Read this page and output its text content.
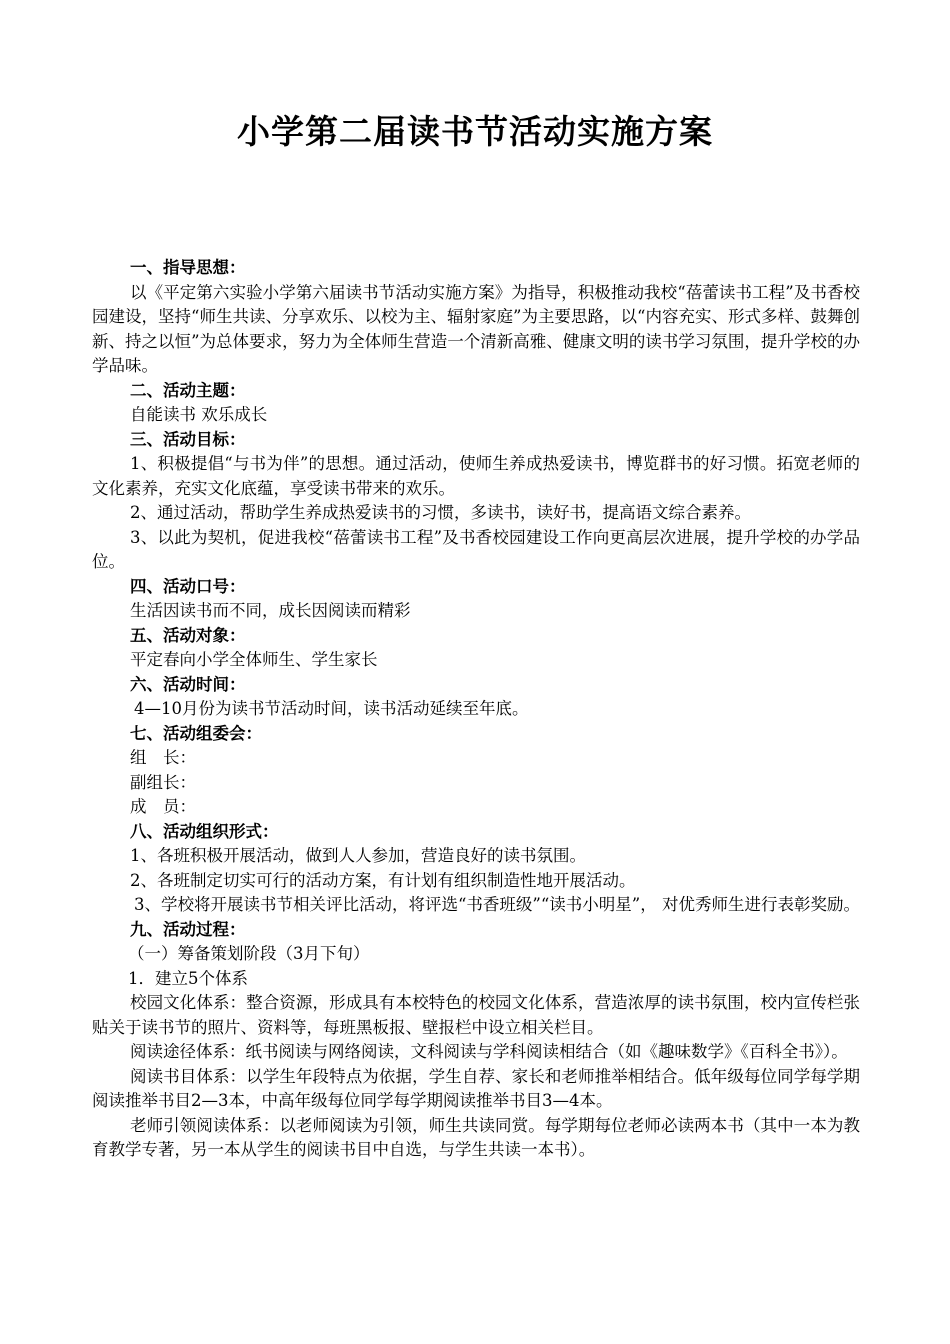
小学第二届读书节活动实施方案

一、指导思想：

以《平定第六实验小学第六届读书节活动实施方案》为指导，积极推动我校“蓓蕾读书工程”及书香校园建设，坚持“师生共读、分享欢乐、以校为主、辐射家庭”为主要思路，以“内容充实、形式多样、鼓舞创新、持之以恒”为总体要求，努力为全体师生营造一个清新高雅、健康文明的读书学习氛围，提升学校的办学品味。

二、活动主题：

自能读书 欢乐成长

三、活动目标：

1、积极提倡“与书为伴”的思想。通过活动，使师生养成热爱读书，博览群书的好习惯。拓宽老师的文化素养，充实文化底蕴，享受读书带来的欢乐。

2、通过活动，帮助学生养成热爱读书的习惯，多读书，读好书，提高语文综合素养。

3、以此为契机，促进我校“蓓蕾读书工程”及书香校园建设工作向更高层次进展，提升学校的办学品位。

四、活动口号：

生活因读书而不同，成长因阅读而精彩

五、活动对象：

平定春向小学全体师生、学生家长

六、活动时间：

4—10月份为读书节活动时间，读书活动延续至年底。

七、活动组委会：

组　长：

副组长：

成　员：

八、活动组织形式：

1、各班积极开展活动，做到人人参加，营造良好的读书氛围。

2、各班制定切实可行的活动方案，有计划有组织制造性地开展活动。

3、学校将开展读书节相关评比活动，将评选“书香班级”“读书小明星”， 对优秀师生进行表彰奖励。

九、活动过程：

（一）筹备策划阶段（3月下旬）

1．建立5个体系

校园文化体系：整合资源，形成具有本校特色的校园文化体系，营造浓厚的读书氛围，校内宣传栏张贴关于读书节的照片、资料等，每班黑板报、壁报栏中设立相关栏目。

阅读途径体系：纸书阅读与网络阅读，文科阅读与学科阅读相结合（如《趣味数学》《百科全书》）。

阅读书目体系：以学生年段特点为依据，学生自荐、家长和老师推举相结合。低年级每位同学每学期阅读推举书目2—3本，中高年级每位同学每学期阅读推举书目3—4本。

老师引领阅读体系：以老师阅读为引领，师生共读同赏。每学期每位老师必读两本书（其中一本为教育教学专著，另一本从学生的阅读书目中自选，与学生共读一本书）。
